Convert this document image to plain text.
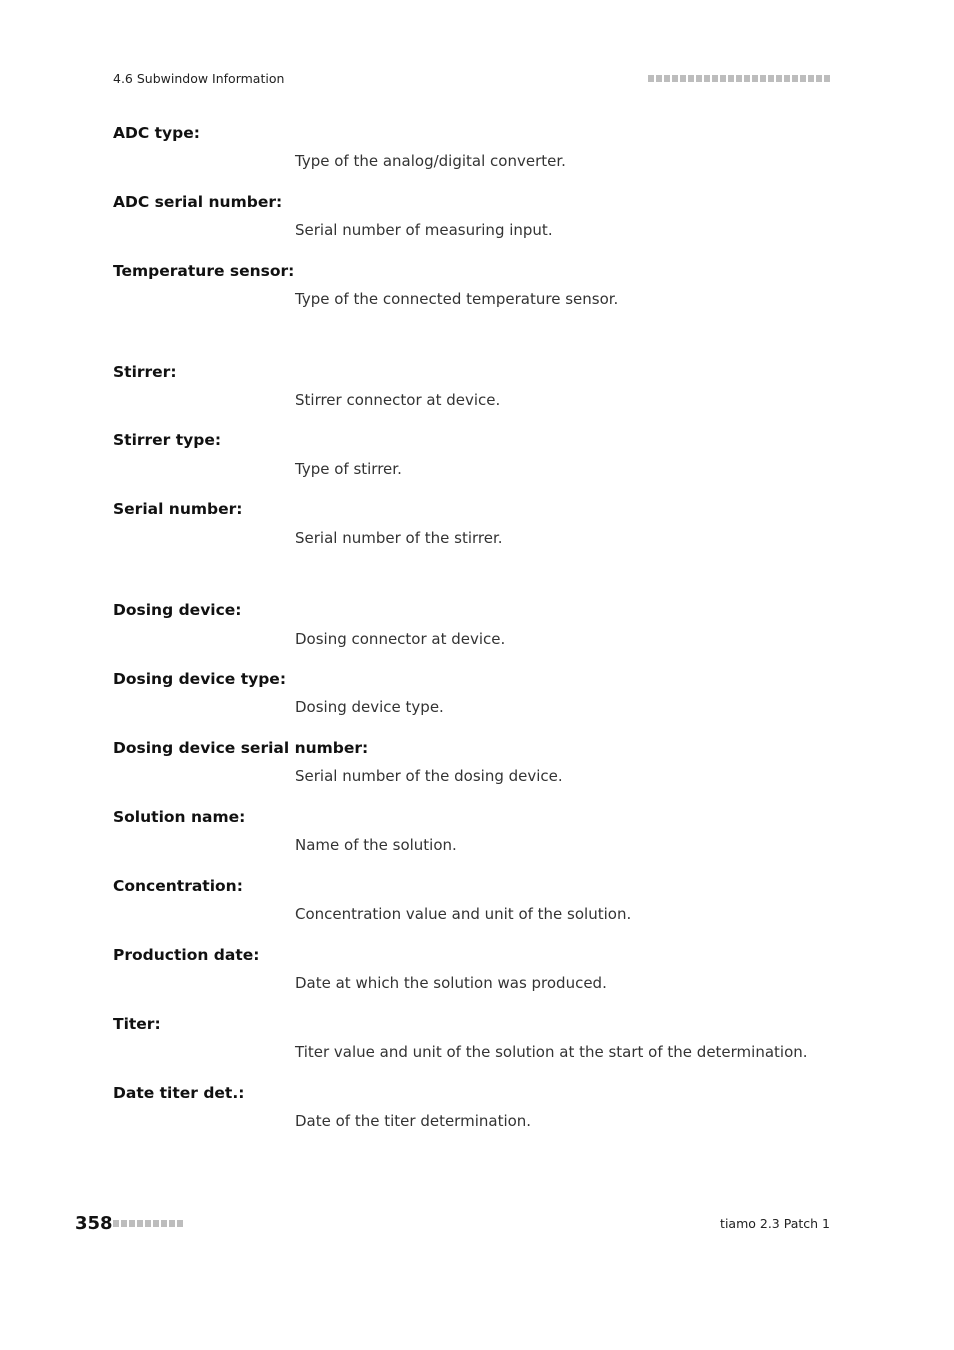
4.6 Subwindow Information
ADC type:
Type of the analog/digital converter.
ADC serial number:
Serial number of measuring input.
Temperature sensor:
Type of the connected temperature sensor.
Stirrer:
Stirrer connector at device.
Stirrer type:
Type of stirrer.
Serial number:
Serial number of the stirrer.
Dosing device:
Dosing connector at device.
Dosing device type:
Dosing device type.
Dosing device serial number:
Serial number of the dosing device.
Solution name:
Name of the solution.
Concentration:
Concentration value and unit of the solution.
Production date:
Date at which the solution was produced.
Titer:
Titer value and unit of the solution at the start of the determination.
Date titer det.:
Date of the titer determination.
358	tiamo 2.3 Patch 1
